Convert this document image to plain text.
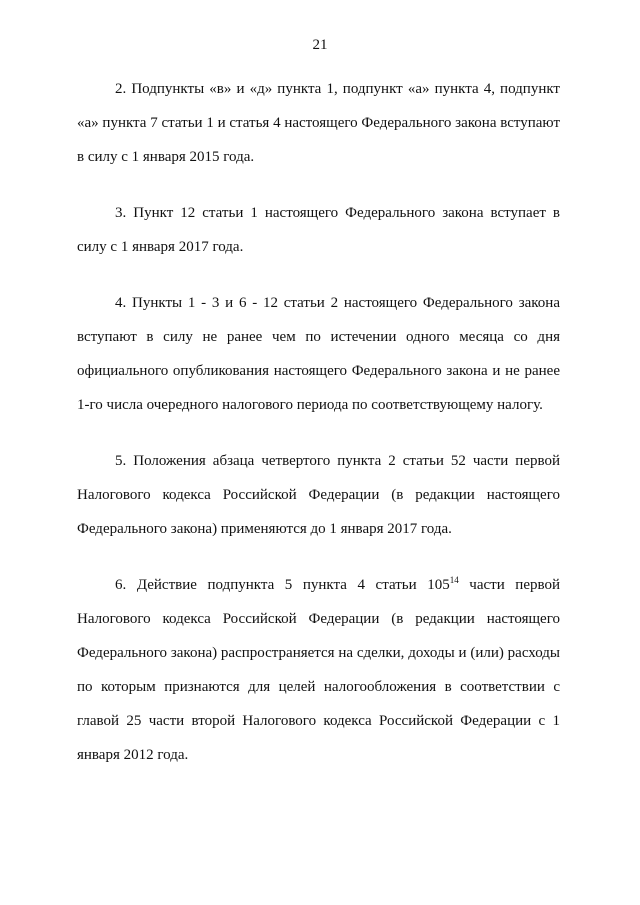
21

2. Подпункты «в» и «д» пункта 1, подпункт «а» пункта 4, подпункт «а» пункта 7 статьи 1 и статья 4 настоящего Федерального закона вступают в силу с 1 января 2015 года.

3. Пункт 12 статьи 1 настоящего Федерального закона вступает в силу с 1 января 2017 года.

4. Пункты 1 - 3 и 6 - 12 статьи 2 настоящего Федерального закона вступают в силу не ранее чем по истечении одного месяца со дня официального опубликования настоящего Федерального закона и не ранее 1-го числа очередного налогового периода по соответствующему налогу.

5. Положения абзаца четвертого пункта 2 статьи 52 части первой Налогового кодекса Российской Федерации (в редакции настоящего Федерального закона) применяются до 1 января 2017 года.

6. Действие подпункта 5 пункта 4 статьи $105^{14}$ части первой Налогового кодекса Российской Федерации (в редакции настоящего Федерального закона) распространяется на сделки, доходы и (или) расходы по которым признаются для целей налогообложения в соответствии с главой 25 части второй Налогового кодекса Российской Федерации с 1 января 2012 года.
